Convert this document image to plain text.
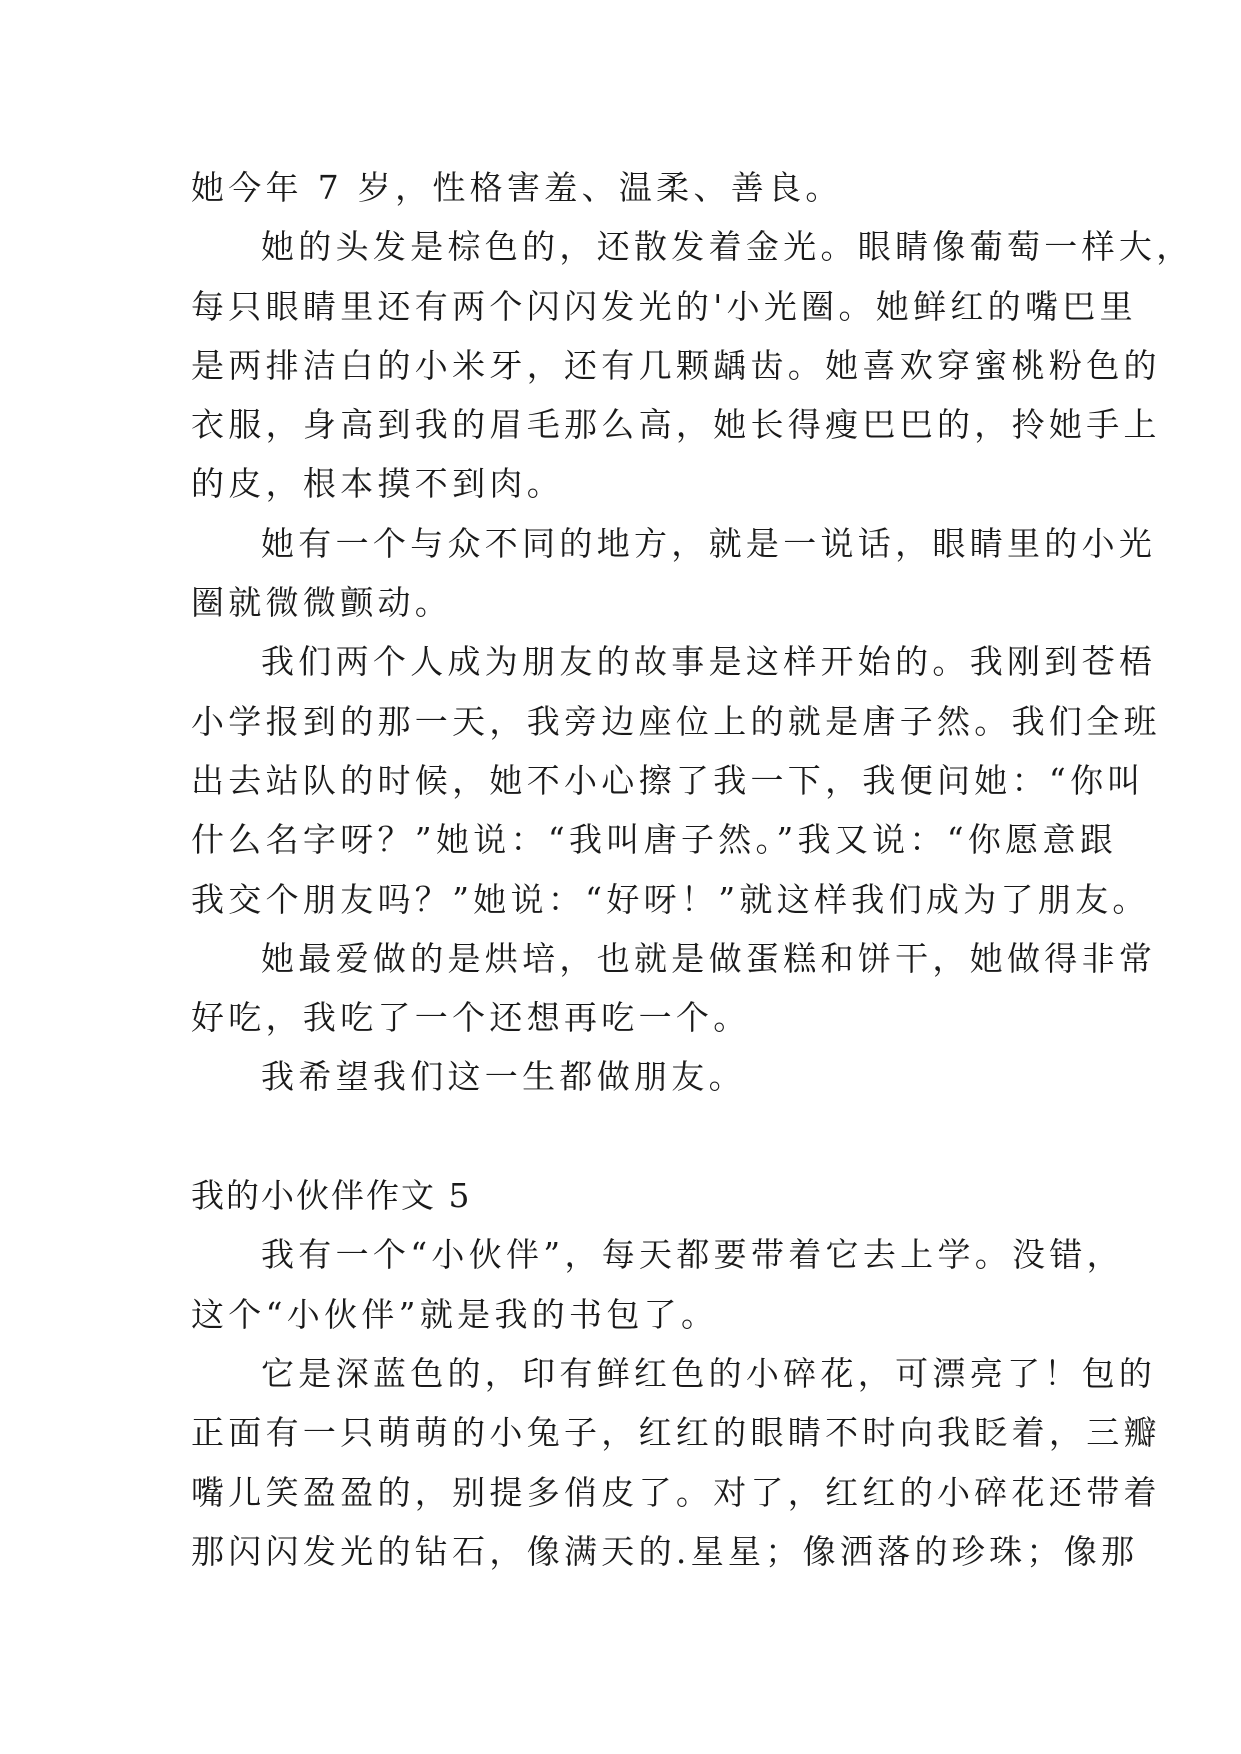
她今年 7 岁，性格害羞、温柔、善良。
她的头发是棕色的，还散发着金光。眼睛像葡萄一样大，
每只眼睛里还有两个闪闪发光的'小光圈。她鲜红的嘴巴里
是两排洁白的小米牙，还有几颗龋齿。她喜欢穿蜜桃粉色的
衣服，身高到我的眉毛那么高，她长得瘦巴巴的，拎她手上
的皮，根本摸不到肉。
她有一个与众不同的地方，就是一说话，眼睛里的小光
圈就微微颤动。
我们两个人成为朋友的故事是这样开始的。我刚到苍梧
小学报到的那一天，我旁边座位上的就是唐子然。我们全班
出去站队的时候，她不小心擦了我一下，我便问她：“你叫
什么名字呀？”她说：“我叫唐子然。”我又说：“你愿意跟
我交个朋友吗？”她说：“好呀！”就这样我们成为了朋友。
她最爱做的是烘培，也就是做蛋糕和饼干，她做得非常
好吃，我吃了一个还想再吃一个。
我希望我们这一生都做朋友。
我的小伙伴作文 5
我有一个“小伙伴”，每天都要带着它去上学。没错，
这个“小伙伴”就是我的书包了。
它是深蓝色的，印有鲜红色的小碎花，可漂亮了！包的
正面有一只萌萌的小兔子，红红的眼睛不时向我眨着，三瓣
嘴儿笑盈盈的，别提多俏皮了。对了，红红的小碎花还带着
那闪闪发光的钻石，像满天的.星星；像洒落的珍珠；像那
